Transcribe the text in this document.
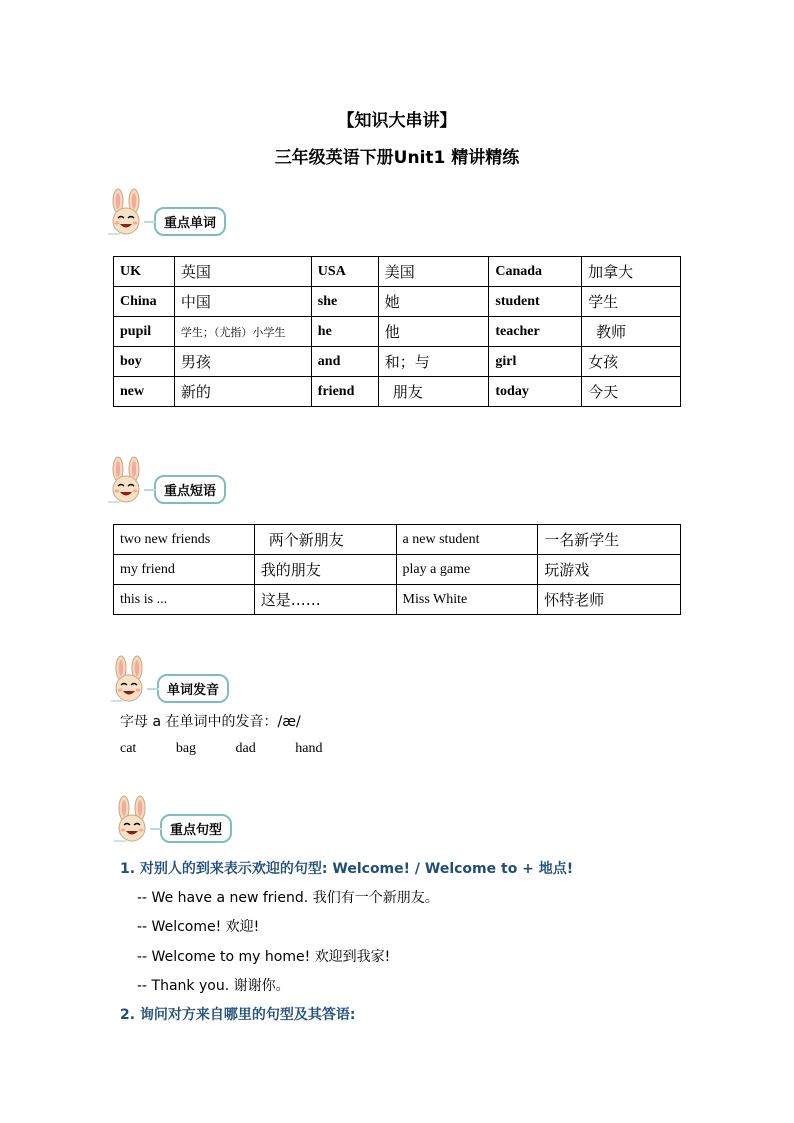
【知识大串讲】
三年级英语下册Unit1 精讲精练
重点单词
UK	英国	USA	美国	Canada	加拿大
China	中国	she	她	student	学生
pupil	学生；（尤指）小学生	he	他	teacher	教师
boy	男孩	and	和；与	girl	女孩
new	新的	friend	朋友	today	今天
重点短语
two new friends	两个新朋友	a new student	一名新学生
my friend	我的朋友	play a game	玩游戏
this is ...	这是……	Miss White	怀特老师
单词发音
字母 a 在单词中的发音：/æ/
cat	bag	dad	hand
重点句型
1. 对别人的到来表示欢迎的句型: Welcome! / Welcome to + 地点!
-- We have a new friend. 我们有一个新朋友。
-- Welcome! 欢迎!
-- Welcome to my home! 欢迎到我家!
-- Thank you. 谢谢你。
2. 询问对方来自哪里的句型及其答语:
